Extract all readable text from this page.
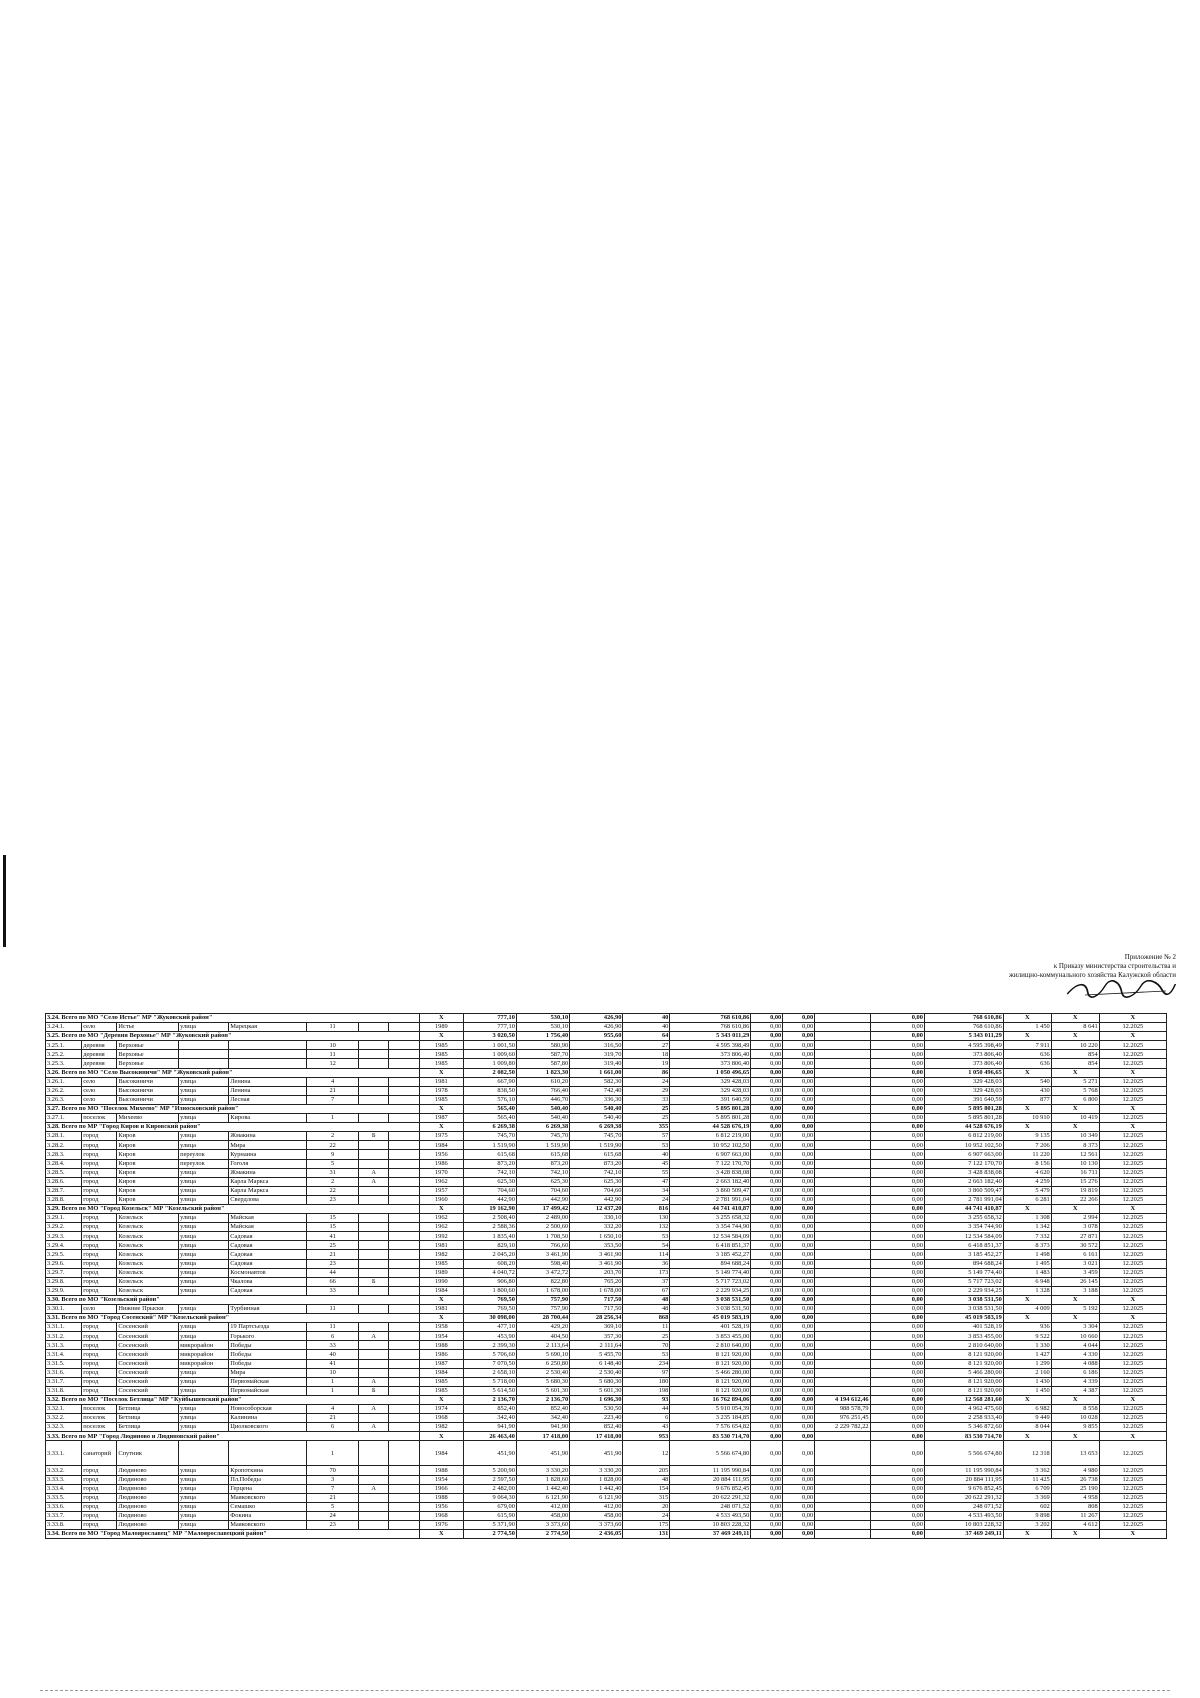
Приложение № 2
к Приказу министерства строительства и
жилищно-коммунального хозяйства Калужской области
3.24. Всего по МО "Село Истье" МР "Жуковский район"								X	777,10	530,10	426,90	40	768 610,86	0,00	0,00		0,00	768 610,86	X	X	X
3.24.1.	село	Истье	улица	Марецкая	11			1989	777,10	530,10	426,90	40	768 610,86	0,00	0,00		0,00	768 610,86	1 450	8 641	12.2025
3.25. Всего по МО "Деревня Верховье" МР "Жуковский район"								X	3 020,50	1 756,40	955,60	64	5 343 011,29	0,00	0,00		0,00	5 343 011,29	X	X	X
3.25.1.	деревня	Верховье			10			1985	1 001,50	580,90	316,50	27	4 595 398,49	0,00	0,00		0,00	4 595 398,49	7 911	10 220	12.2025
3.25.2.	деревня	Верховье			11			1985	1 009,60	587,70	319,70	18	373 806,40	0,00	0,00		0,00	373 806,40	636	854	12.2025
3.25.3.	деревня	Верховье			12			1985	1 009,80	587,80	319,40	19	373 806,40	0,00	0,00		0,00	373 806,40	636	854	12.2025
3.26. Всего по МО "Село Высокиничи" МР "Жуковский район"								X	2 082,50	1 823,30	1 661,00	86	1 050 496,65	0,00	0,00		0,00	1 050 496,65	X	X	X
3.26.1.	село	Высокиничи	улица	Ленина	4			1981	667,90	610,20	582,30	24	329 428,03	0,00	0,00		0,00	329 428,03	540	5 271	12.2025
3.26.2.	село	Высокиничи	улица	Ленина	21			1978	838,50	766,40	742,40	29	329 428,03	0,00	0,00		0,00	329 428,03	430	5 768	12.2025
3.26.3.	село	Высокиничи	улица	Лесная	7			1985	576,10	446,70	336,30	33	391 640,59	0,00	0,00		0,00	391 640,59	877	6 800	12.2025
3.27. Всего по МО "Поселок Михеево" МР "Износковский район"								X	565,40	540,40	540,40	25	5 895 801,28	0,00	0,00		0,00	5 895 801,28	X	X	X
3.27.1.	поселок	Михеево	улица	Кирова	1			1987	565,40	540,40	540,40	25	5 895 801,28	0,00	0,00		0,00	5 895 801,28	10 910	10 419	12.2025
3.28. Всего по МР "Город Киров и Кировский район"								X	6 269,38	6 269,38	6 269,38	355	44 528 676,19	0,00	0,00		0,00	44 528 676,19	X	X	X
3.28.1.	город	Киров	улица	Жмакина	2	Б		1975	745,70	745,70	745,70	57	6 812 219,00	0,00	0,00		0,00	6 812 219,00	9 135	10 349	12.2025
3.28.2.	город	Киров	улица	Мира	22			1984	1 519,90	1 519,90	1 519,90	53	10 952 102,50	0,00	0,00		0,00	10 952 102,50	7 206	8 373	12.2025
3.28.3.	город	Киров	переулок	Курнаина	9			1956	615,68	615,68	615,68	40	6 907 663,00	0,00	0,00		0,00	6 907 663,00	11 220	12 561	12.2025
3.28.4.	город	Киров	переулок	Гоголя	5			1986	873,20	873,20	873,20	45	7 122 170,70	0,00	0,00		0,00	7 122 170,70	8 156	10 130	12.2025
3.28.5.	город	Киров	улица	Жмакина	31	А		1970	742,10	742,10	742,10	55	3 428 838,08	0,00	0,00		0,00	3 428 838,08	4 620	16 711	12.2025
3.28.6.	город	Киров	улица	Карла Маркса	2	А		1962	625,30	625,30	625,30	47	2 663 182,40	0,00	0,00		0,00	2 663 182,40	4 259	15 276	12.2025
3.28.7.	город	Киров	улица	Карла Маркса	22			1957	704,60	704,60	704,60	34	3 860 509,47	0,00	0,00		0,00	3 860 509,47	5 479	19 819	12.2025
3.28.8.	город	Киров	улица	Свердлова	23			1960	442,90	442,90	442,90	24	2 781 991,04	0,00	0,00		0,00	2 781 991,04	6 281	22 266	12.2025
3.29. Всего по МО "Город Козельск" МР "Козельский район"								X	19 162,90	17 499,42	12 437,20	816	44 741 410,87	0,00	0,00		0,00	44 741 410,87	X	X	X
3.29.1.	город	Козельск	улица	Майская	15			1962	2 508,40	2 489,00	330,10	130	3 255 658,32	0,00	0,00		0,00	3 255 658,32	1 308	2 994	12.2025
3.29.2.	город	Козельск	улица	Майская	15			1962	2 588,36	2 500,60	332,20	132	3 354 744,90	0,00	0,00		0,00	3 354 744,90	1 342	3 078	12.2025
3.29.3.	город	Козельск	улица	Садовая	41			1992	1 835,40	1 708,50	1 650,10	53	12 534 584,09	0,00	0,00		0,00	12 534 584,09	7 332	27 871	12.2025
3.29.4.	город	Козельск	улица	Садовая	25			1981	829,10	766,60	353,50	54	6 418 851,37	0,00	0,00		0,00	6 418 851,37	8 373	30 572	12.2025
3.29.5.	город	Козельск	улица	Садовая	21			1982	2 045,20	3 461,90	3 461,90	114	3 185 452,27	0,00	0,00		0,00	3 185 452,27	1 498	6 161	12.2025
3.29.6.	город	Козельск	улица	Садовая	23			1985	608,20	598,40	3 461,90	36	894 688,24	0,00	0,00		0,00	894 688,24	1 495	3 021	12.2025
3.29.7.	город	Козельск	улица	Космонавтов	44			1989	4 040,72	3 472,72	203,70	173	5 149 774,40	0,00	0,00		0,00	5 149 774,40	1 483	3 459	12.2025
3.29.8.	город	Козельск	улица	Чкалова	66	Б		1990	906,80	822,80	765,20	37	5 717 723,02	0,00	0,00		0,00	5 717 723,02	6 948	26 145	12.2025
3.29.9.	город	Козельск	улица	Садовая	33			1984	1 800,60	1 678,00	1 678,00	67	2 229 934,25	0,00	0,00		0,00	2 229 934,25	1 328	3 188	12.2025
3.30. Всего по МО "Козельский район"								X	769,50	757,90	717,50	48	3 038 531,50	0,00	0,00		0,00	3 038 531,50	X	X	X
3.30.1.	село	Нижние Прыски	улица	Турбинная	11			1981	769,50	757,90	717,50	48	3 038 531,50	0,00	0,00		0,00	3 038 531,50	4 009	5 192	12.2025
3.31. Всего по МО "Город Сосенский" МР "Козельский район"								X	30 098,00	28 700,44	28 256,34	868	45 019 583,19	0,00	0,00		0,00	45 019 583,19	X	X	X
3.31.1.	город	Сосенский	улица	19 Партсъезда	11			1958	477,10	429,20	369,10	11	401 528,19	0,00	0,00		0,00	401 528,19	936	3 304	12.2025
3.31.2.	город	Сосенский	улица	Горького	6	А		1954	453,90	404,50	357,30	25	3 853 455,00	0,00	0,00		0,00	3 853 455,00	9 522	10 660	12.2025
3.31.3.	город	Сосенский	микрорайон	Победы	33			1988	2 399,30	2 113,64	2 111,64	70	2 810 640,00	0,00	0,00		0,00	2 810 640,00	1 330	4 044	12.2025
3.31.4.	город	Сосенский	микрорайон	Победы	40			1986	5 706,60	5 690,10	5 455,70	53	8 121 920,00	0,00	0,00		0,00	8 121 920,00	1 427	4 330	12.2025
3.31.5.	город	Сосенский	микрорайон	Победы	41			1987	7 070,50	6 250,80	6 148,40	234	8 121 920,00	0,00	0,00		0,00	8 121 920,00	1 299	4 088	12.2025
3.31.6.	город	Сосенский	улица	Мира	10			1984	2 658,10	2 530,40	2 530,40	97	5 466 280,00	0,00	0,00		0,00	5 466 280,00	2 160	6 186	12.2025
3.31.7.	город	Сосенский	улица	Первомайская	1	А		1985	5 718,00	5 680,30	5 680,30	180	8 121 920,00	0,00	0,00		0,00	8 121 920,00	1 430	4 339	12.2025
3.31.8.	город	Сосенский	улица	Первомайская	1	Б		1985	5 614,50	5 601,30	5 601,30	198	8 121 920,00	0,00	0,00		0,00	8 121 920,00	1 450	4 387	12.2025
3.32. Всего по МО "Поселок Бетлица" МР "Куйбышевский район"								X	2 136,70	2 136,70	1 696,30	93	16 762 894,06	0,00	0,00	4 194 612,46	0,00	12 568 281,60	X	X	X
3.32.1.	поселок	Бетлица	улица	Новособорская	4	А		1974	852,40	852,40	530,50	44	5 910 054,39	0,00	0,00	988 578,79	0,00	4 962 475,60	6 982	8 558	12.2025
3.32.2.	поселок	Бетлица	улица	Калинина	21			1968	342,40	342,40	223,40	6	3 235 184,85	0,00	0,00	976 251,45	0,00	2 258 933,40	9 449	10 028	12.2025
3.32.3.	поселок	Бетлица	улица	Циолковского	6	А		1982	941,90	941,90	852,40	43	7 576 654,82	0,00	0,00	2 229 782,22	0,00	5 346 872,60	8 044	9 855	12.2025
3.33. Всего по МР "Город Людиново и Людиновский район"								X	26 463,40	17 418,00	17 418,00	953	83 530 714,70	0,00	0,00		0,00	83 530 714,70	X	X	X
3.33.1.	санаторий	Спутник			1			1984	451,90	451,90	451,90	12	5 566 674,80	0,00	0,00		0,00	5 566 674,80	12 318	13 653	12.2025
3.33.2.	город	Людиново	улица	Кропоткина	70			1988	5 200,90	3 330,20	3 330,20	205	11 195 990,84	0,00	0,00		0,00	11 195 990,84	3 362	4 980	12.2025
3.33.3.	город	Людиново	улица	Пл.Победы	3			1954	2 597,50	1 828,60	1 828,00	48	20 884 111,95	0,00	0,00		0,00	20 884 111,95	11 425	26 738	12.2025
3.33.4.	город	Людиново	улица	Герцена	7	А		1966	2 482,00	1 442,40	1 442,40	154	9 676 852,45	0,00	0,00		0,00	9 676 852,45	6 709	25 190	12.2025
3.33.5.	город	Людиново	улица	Маяковского	21			1988	9 064,30	6 121,90	6 121,90	315	20 622 291,32	0,00	0,00		0,00	20 622 291,32	3 369	4 958	12.2025
3.33.6.	город	Людиново	улица	Семашко	5			1956	679,00	412,00	412,00	20	248 071,52	0,00	0,00		0,00	248 071,52	602	808	12.2025
3.33.7.	город	Людиново	улица	Фокина	24			1968	615,90	458,00	458,00	24	4 533 493,50	0,00	0,00		0,00	4 533 493,50	9 898	11 267	12.2025
3.33.8.	город	Людиново	улица	Маяковского	23			1976	5 371,90	3 373,60	3 373,60	175	10 803 228,32	0,00	0,00		0,00	10 803 228,32	3 202	4 612	12.2025
3.34. Всего по МО "Город Малоярославец" МР "Малоярославецкий район"								X	2 774,50	2 774,50	2 436,05	131	37 469 249,11	0,00	0,00		0,00	37 469 249,11	X	X	X
